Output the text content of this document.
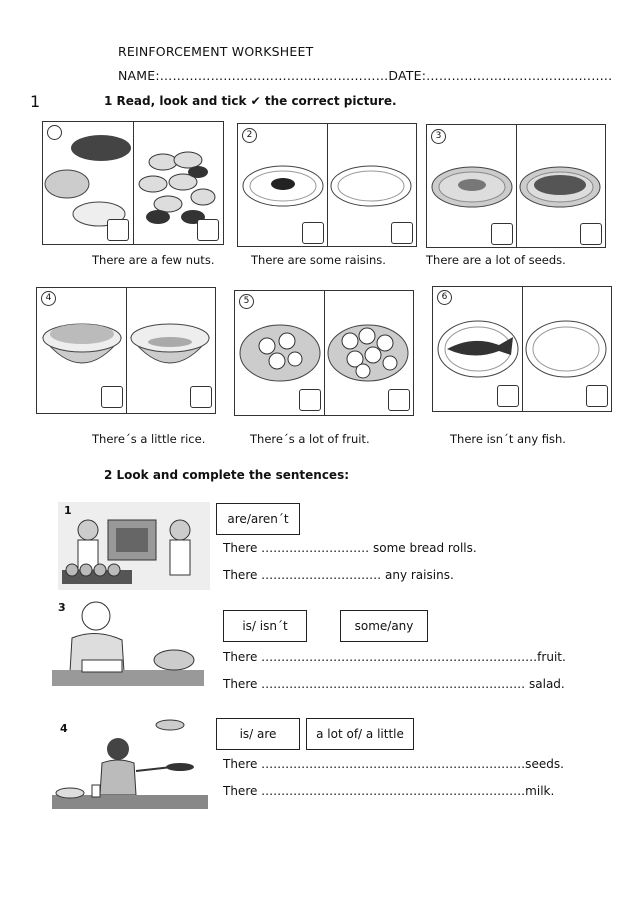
REINFORCEMENT WORKSHEET
NAME:………………………………………………DATE:……………………………………..
1	1 Read, look and tick ✔ the correct picture.
There are a few nuts.
2
There are some raisins.
3
There are a lot of seeds.
4
There´s a little rice.
5
There´s a lot of fruit.
6
There isn´t any fish.
2 Look and complete the sentences:
1
are/aren´t
There ……………………… some bread rolls.
There ………………………… any raisins.
3
is/ isn´t	some/any
There ……………………………………………………………fruit.
There ………………………………………………………… salad.
4	is/ are	a lot of/ a little
There …………………………………………………………seeds.
There …………………………………………………………milk.
